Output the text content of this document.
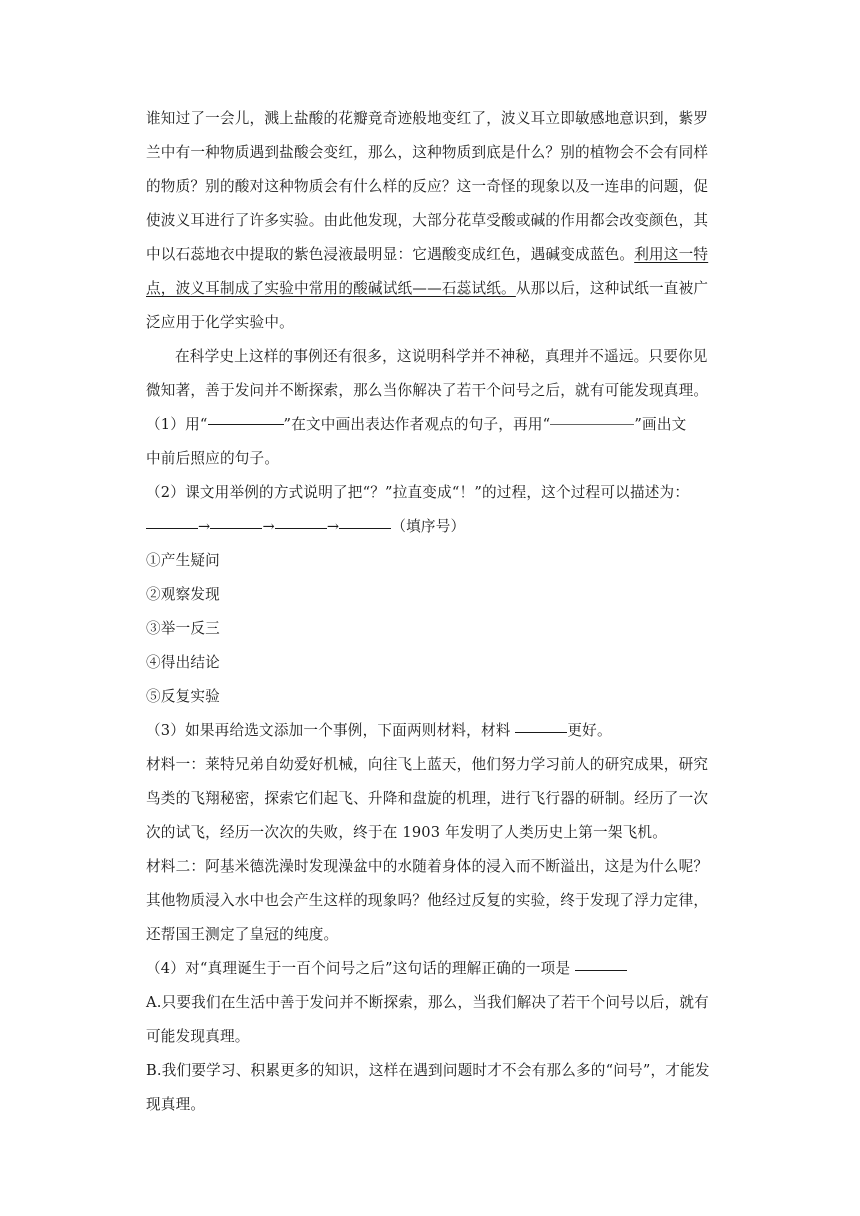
谁知过了一会儿，溅上盐酸的花瓣竟奇迹般地变红了，波义耳立即敏感地意识到，紫罗
兰中有一种物质遇到盐酸会变红，那么，这种物质到底是什么？别的植物会不会有同样
的物质？别的酸对这种物质会有什么样的反应？这一奇怪的现象以及一连串的问题，促
使波义耳进行了许多实验。由此他发现，大部分花草受酸或碱的作用都会改变颜色，其
中以石蕊地衣中提取的紫色浸液最明显：它遇酸变成红色，遇碱变成蓝色。利用这一特
点，波义耳制成了实验中常用的酸碱试纸——石蕊试纸。从那以后，这种试纸一直被广
泛应用于化学实验中。
在科学史上这样的事例还有很多，这说明科学并不神秘，真理并不遥远。只要你见
微知著，善于发问并不断探索，那么当你解决了若干个问号之后，就有可能发现真理。
（1）用“	”在文中画出表达作者观点的句子，再用“	”画出文
中前后照应的句子。
（2）课文用举例的方式说明了把“？”拉直变成“！”的过程，这个过程可以描述为：
→	→	→	（填序号）
①产生疑问
②观察发现
③举一反三
④得出结论
⑤反复实验
（3）如果再给选文添加一个事例，下面两则材料，材料	更好。
材料一：莱特兄弟自幼爱好机械，向往飞上蓝天，他们努力学习前人的研究成果，研究
鸟类的飞翔秘密，探索它们起飞、升降和盘旋的机理，进行飞行器的研制。经历了一次
次的试飞，经历一次次的失败，终于在 1903 年发明了人类历史上第一架飞机。
材料二：阿基米德洗澡时发现澡盆中的水随着身体的浸入而不断溢出，这是为什么呢？
其他物质浸入水中也会产生这样的现象吗？他经过反复的实验，终于发现了浮力定律，
还帮国王测定了皇冠的纯度。
（4）对“真理诞生于一百个问号之后”这句话的理解正确的一项是
A.只要我们在生活中善于发问并不断探索，那么，当我们解决了若干个问号以后，就有
可能发现真理。
B.我们要学习、积累更多的知识，这样在遇到问题时才不会有那么多的“问号”，才能发
现真理。
